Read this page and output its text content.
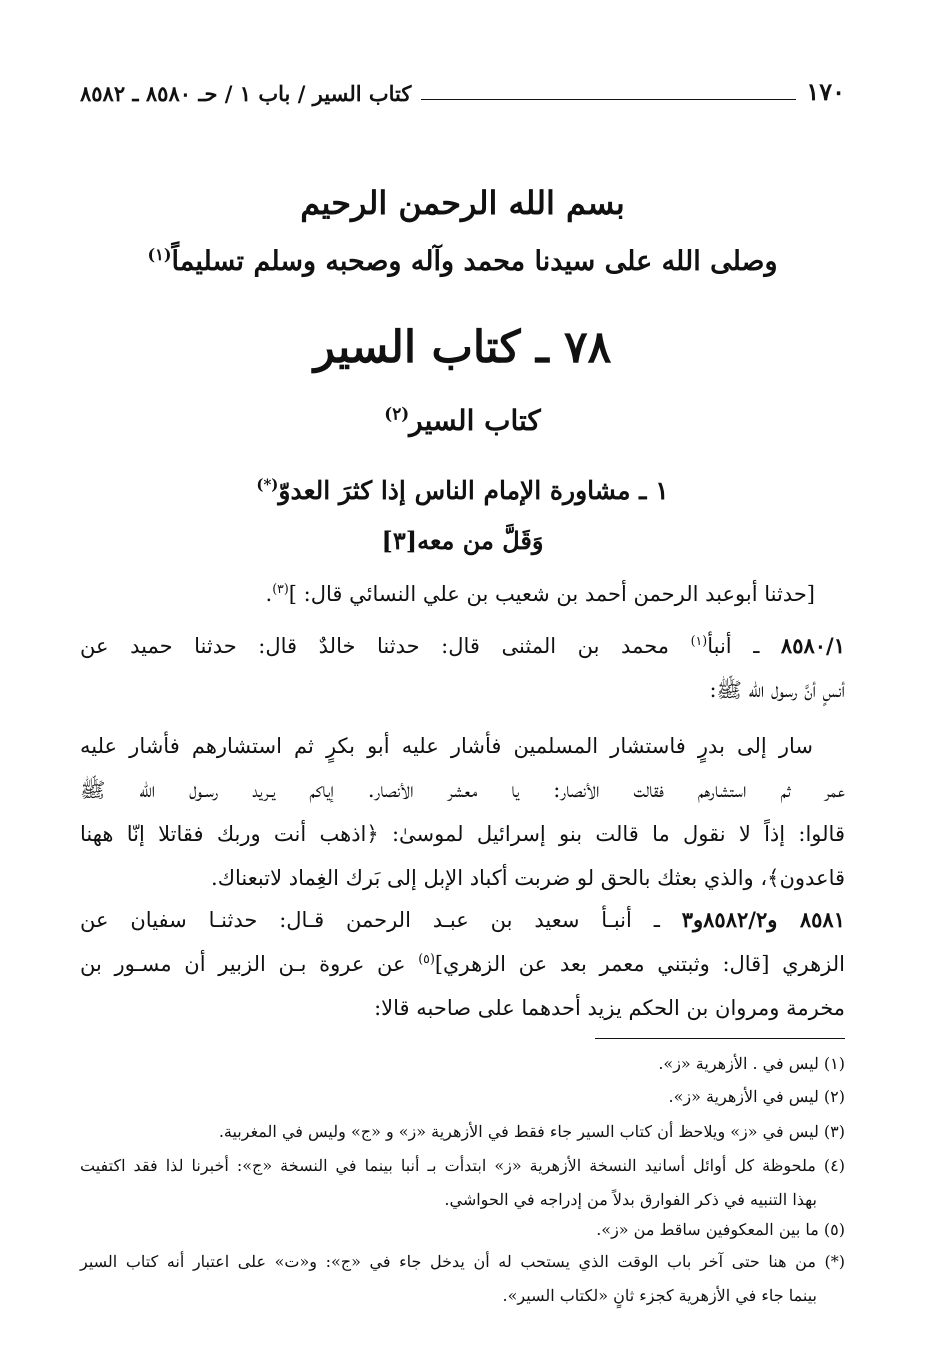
١٧٠
كتاب السير / باب ١ / حـ ٨٥٨٠ ـ ٨٥٨٢
بسم الله الرحمن الرحيم
وصلى الله على سيدنا محمد وآله وصحبه وسلم تسليماً$^{(١)}$
٧٨ ـ كتاب السير
كتاب السير$^{(٢)}$
١ ـ مشاورة الإمام الناس إذا كثرَ العدوّ(*)
وَقَلَّ من معه[٣]
[حدثنا أبوعبد الرحمن أحمد بن شعيب بن علي النسائي قال: ]$^{(٣)}$.
٨٥٨٠/١ ـ أنبأ$^{(١)}$ محمد بن المثنى قال: حدثنا خالدٌ قال: حدثنا حميد عن
أنسٍ أنَّ رسول الله ﷺ:
سار إلى بدرٍ فاستشار المسلمين فأشار عليه أبو بكرٍ ثم استشارهم فأشار عليه
عمر ثم استشارهم فقالت الأنصار: يا معشر الأنصار. إياكم يـريد رسـول الله ﷺ
قالوا: إذاً لا نقول ما قالت بنو إسرائيل لموسىٰ: ﴿اذهب أنت وربك فقاتلا إنّا ههنا
قاعدون﴾، والذي بعثك بالحق لو ضربت أكباد الإبل إلى بَرك الغِماد لاتبعناك.
٨٥٨١ و٨٥٨٢/٢و٣ ـ أنبـأ سعيد بن عبـد الرحمن قـال: حدثنـا سفيان عن
الزهري [قال: وثبتني معمر بعد عن الزهري]$^{(٥)}$ عن عروة بـن الزبير أن مسـور بن
مخرمة ومروان بن الحكم يزيد أحدهما على صاحبه قالا:
(١) ليس في . الأزهرية «ز».
(٢) ليس في الأزهرية «ز».
(٣) ليس في «ز» ويلاحظ أن كتاب السير جاء فقط في الأزهرية «ز» و «ج» وليس في المغربية.
(٤) ملحوظة كل أوائل أسانيد النسخة الأزهرية «ز» ابتدأت بـ أنبا بينما في النسخة «ج»: أخبرنا لذا فقد اكتفيت
بهذا التنبيه في ذكر الفوارق بدلاً من إدراجه في الحواشي.
(٥) ما بين المعكوفين ساقط من «ز».
(*) من هنا حتى آخر باب الوقت الذي يستحب له أن يدخل جاء في «ج»: و«ت» على اعتبار أنه كتاب السير
بينما جاء في الأزهرية كجزء ثانٍ «لكتاب السير».
